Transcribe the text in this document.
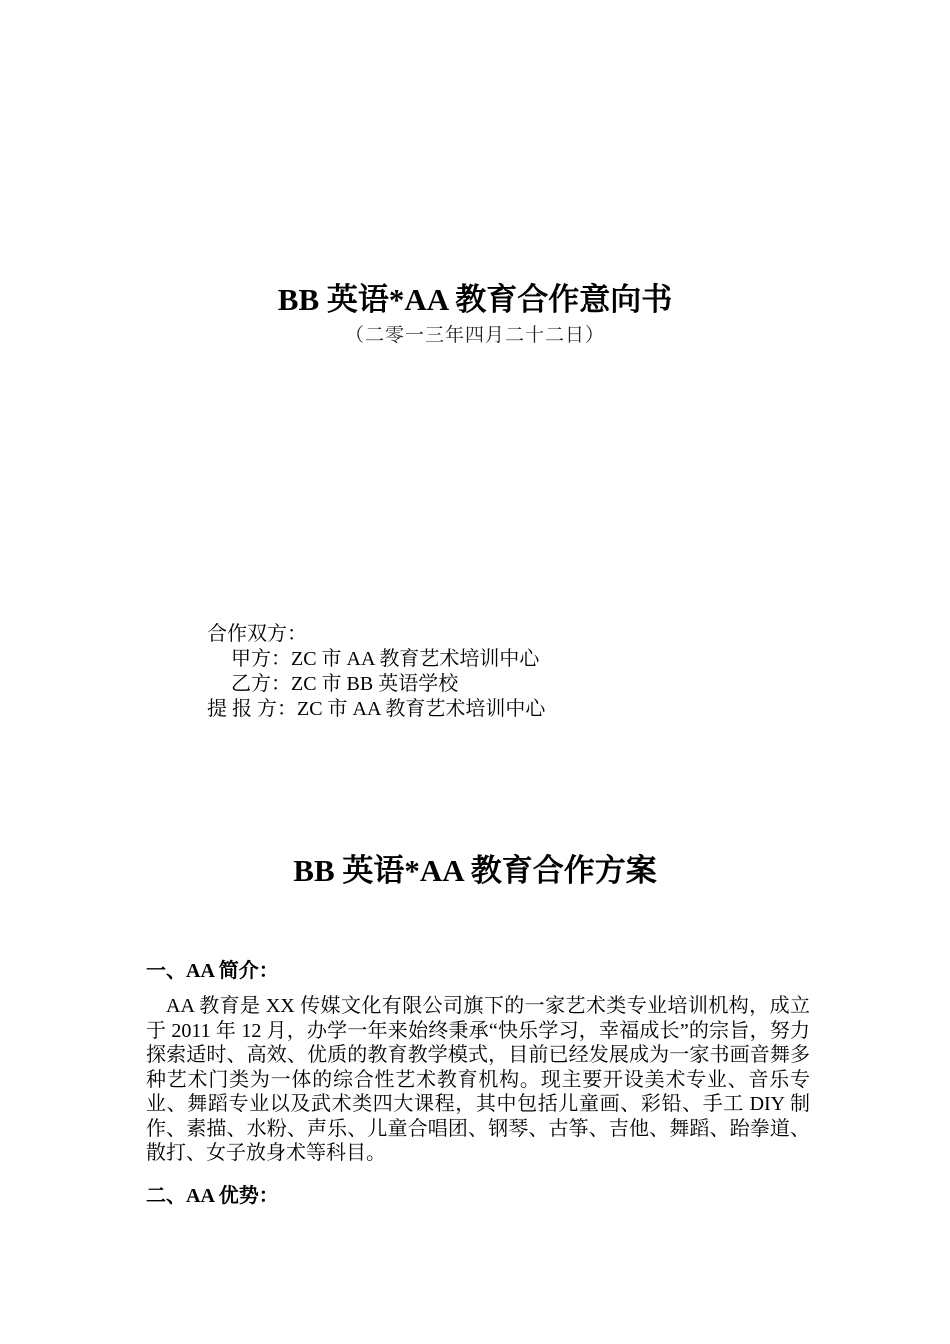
BB 英语*AA 教育合作意向书
（二零一三年四月二十二日）
合作双方：
甲方：ZC 市 AA 教育艺术培训中心
乙方：ZC 市 BB 英语学校
提 报 方：ZC 市 AA 教育艺术培训中心
BB 英语*AA 教育合作方案
一、AA 简介：

AA 教育是 XX 传媒文化有限公司旗下的一家艺术类专业培训机构，成立于 2011 年 12 月，办学一年来始终秉承“快乐学习，幸福成长”的宗旨，努力探索适时、高效、优质的教育教学模式，目前已经发展成为一家书画音舞多种艺术门类为一体的综合性艺术教育机构。现主要开设美术专业、音乐专业、舞蹈专业以及武术类四大课程，其中包括儿童画、彩铅、手工 DIY 制作、素描、水粉、声乐、儿童合唱团、钢琴、古筝、吉他、舞蹈、跆拳道、散打、女子放身术等科目。

二、AA 优势：
